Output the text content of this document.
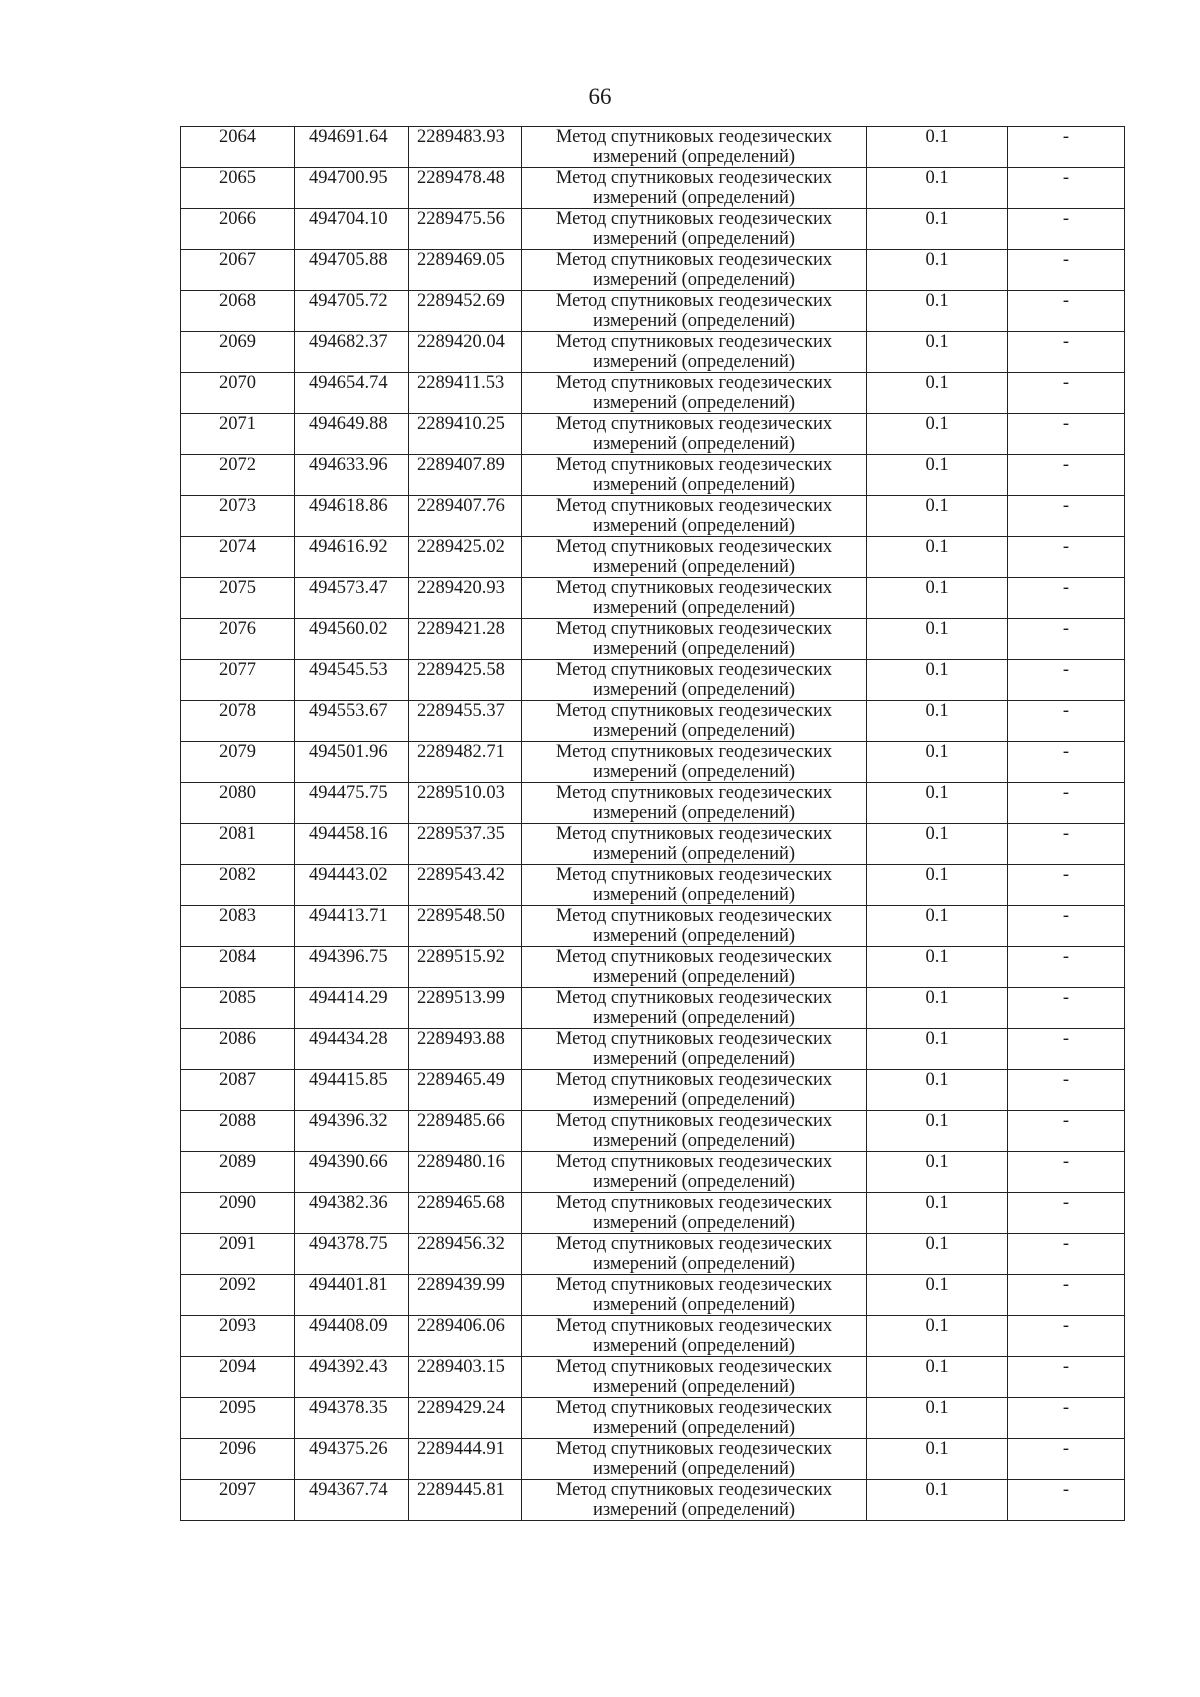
66
2064	494691.64	2289483.93	Метод спутниковых геодезических измерений (определений)	0.1	-
2065	494700.95	2289478.48	Метод спутниковых геодезических измерений (определений)	0.1	-
2066	494704.10	2289475.56	Метод спутниковых геодезических измерений (определений)	0.1	-
2067	494705.88	2289469.05	Метод спутниковых геодезических измерений (определений)	0.1	-
2068	494705.72	2289452.69	Метод спутниковых геодезических измерений (определений)	0.1	-
2069	494682.37	2289420.04	Метод спутниковых геодезических измерений (определений)	0.1	-
2070	494654.74	2289411.53	Метод спутниковых геодезических измерений (определений)	0.1	-
2071	494649.88	2289410.25	Метод спутниковых геодезических измерений (определений)	0.1	-
2072	494633.96	2289407.89	Метод спутниковых геодезических измерений (определений)	0.1	-
2073	494618.86	2289407.76	Метод спутниковых геодезических измерений (определений)	0.1	-
2074	494616.92	2289425.02	Метод спутниковых геодезических измерений (определений)	0.1	-
2075	494573.47	2289420.93	Метод спутниковых геодезических измерений (определений)	0.1	-
2076	494560.02	2289421.28	Метод спутниковых геодезических измерений (определений)	0.1	-
2077	494545.53	2289425.58	Метод спутниковых геодезических измерений (определений)	0.1	-
2078	494553.67	2289455.37	Метод спутниковых геодезических измерений (определений)	0.1	-
2079	494501.96	2289482.71	Метод спутниковых геодезических измерений (определений)	0.1	-
2080	494475.75	2289510.03	Метод спутниковых геодезических измерений (определений)	0.1	-
2081	494458.16	2289537.35	Метод спутниковых геодезических измерений (определений)	0.1	-
2082	494443.02	2289543.42	Метод спутниковых геодезических измерений (определений)	0.1	-
2083	494413.71	2289548.50	Метод спутниковых геодезических измерений (определений)	0.1	-
2084	494396.75	2289515.92	Метод спутниковых геодезических измерений (определений)	0.1	-
2085	494414.29	2289513.99	Метод спутниковых геодезических измерений (определений)	0.1	-
2086	494434.28	2289493.88	Метод спутниковых геодезических измерений (определений)	0.1	-
2087	494415.85	2289465.49	Метод спутниковых геодезических измерений (определений)	0.1	-
2088	494396.32	2289485.66	Метод спутниковых геодезических измерений (определений)	0.1	-
2089	494390.66	2289480.16	Метод спутниковых геодезических измерений (определений)	0.1	-
2090	494382.36	2289465.68	Метод спутниковых геодезических измерений (определений)	0.1	-
2091	494378.75	2289456.32	Метод спутниковых геодезических измерений (определений)	0.1	-
2092	494401.81	2289439.99	Метод спутниковых геодезических измерений (определений)	0.1	-
2093	494408.09	2289406.06	Метод спутниковых геодезических измерений (определений)	0.1	-
2094	494392.43	2289403.15	Метод спутниковых геодезических измерений (определений)	0.1	-
2095	494378.35	2289429.24	Метод спутниковых геодезических измерений (определений)	0.1	-
2096	494375.26	2289444.91	Метод спутниковых геодезических измерений (определений)	0.1	-
2097	494367.74	2289445.81	Метод спутниковых геодезических измерений (определений)	0.1	-
